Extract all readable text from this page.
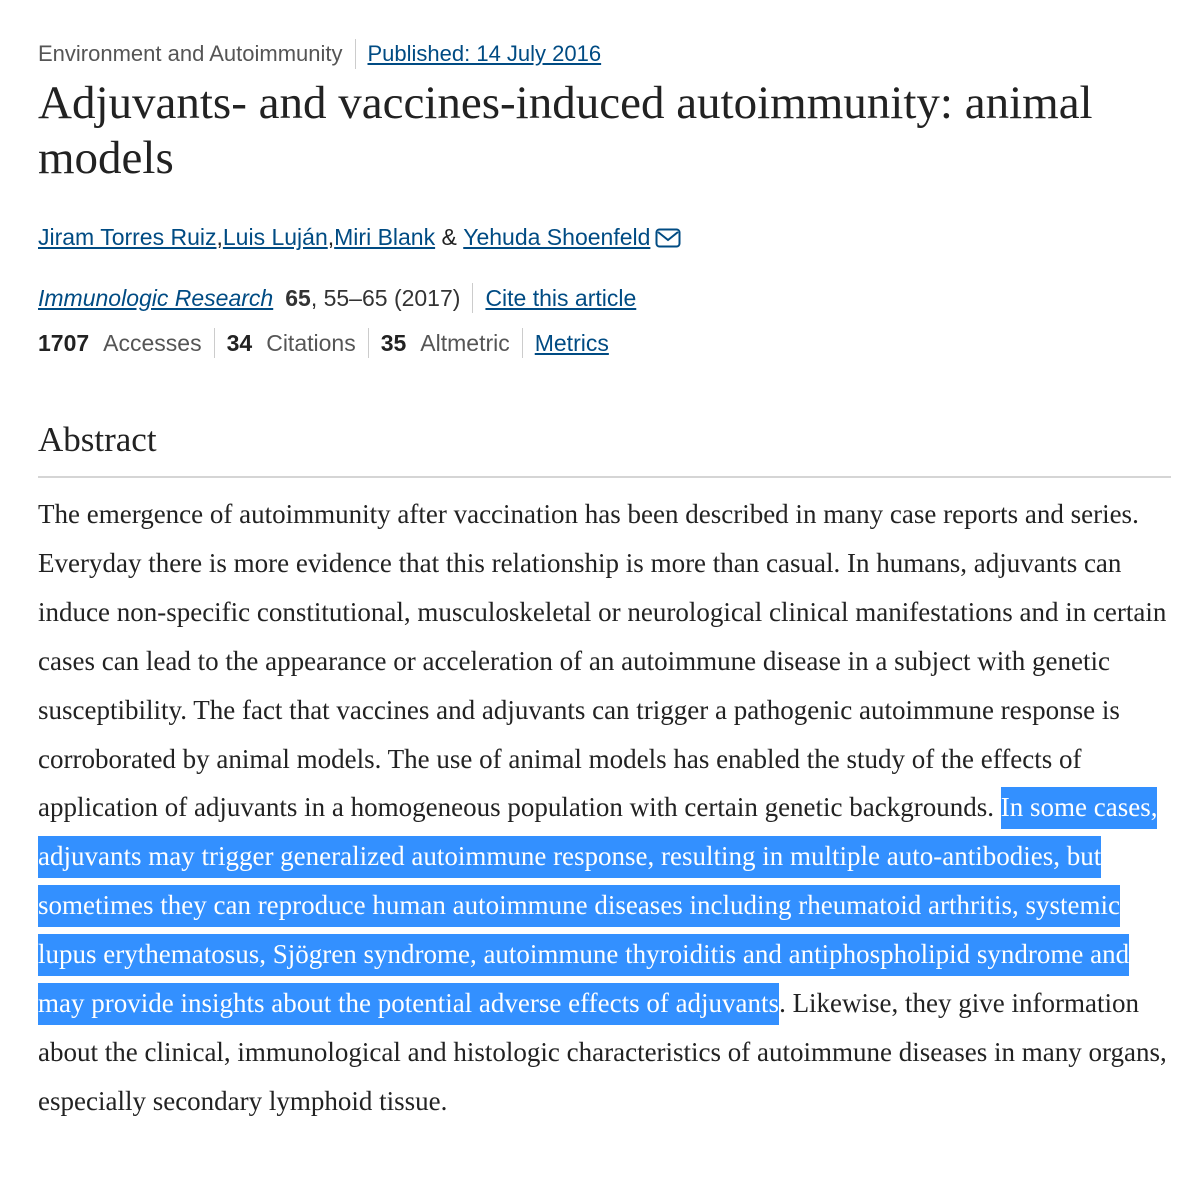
Environment and Autoimmunity Published: 14 July 2016
Adjuvants- and vaccines-induced autoimmunity: animal models
Jiram Torres Ruiz , Luis Luján , Miri Blank & Yehuda Shoenfeld
Immunologic Research 65 , 55–65 (2017) Cite this article
1707 Accesses 34 Citations 35 Altmetric Metrics
Abstract

The emergence of autoimmunity after vaccination has been described in many case reports and series. Everyday there is more evidence that this relationship is more than casual. In humans, adjuvants can induce non-specific constitutional, musculoskeletal or neurological clinical manifestations and in certain cases can lead to the appearance or acceleration of an autoimmune disease in a subject with genetic susceptibility. The fact that vaccines and adjuvants can trigger a pathogenic autoimmune response is corroborated by animal models. The use of animal models has enabled the study of the effects of application of adjuvants in a homogeneous population with certain genetic backgrounds. In some cases, adjuvants may trigger generalized autoimmune response, resulting in multiple auto-antibodies, but sometimes they can reproduce human autoimmune diseases including rheumatoid arthritis, systemic lupus erythematosus, Sjögren syndrome, autoimmune thyroiditis and antiphospholipid syndrome and may provide insights about the potential adverse effects of adjuvants. Likewise, they give information about the clinical, immunological and histologic characteristics of autoimmune diseases in many organs, especially secondary lymphoid tissue.
